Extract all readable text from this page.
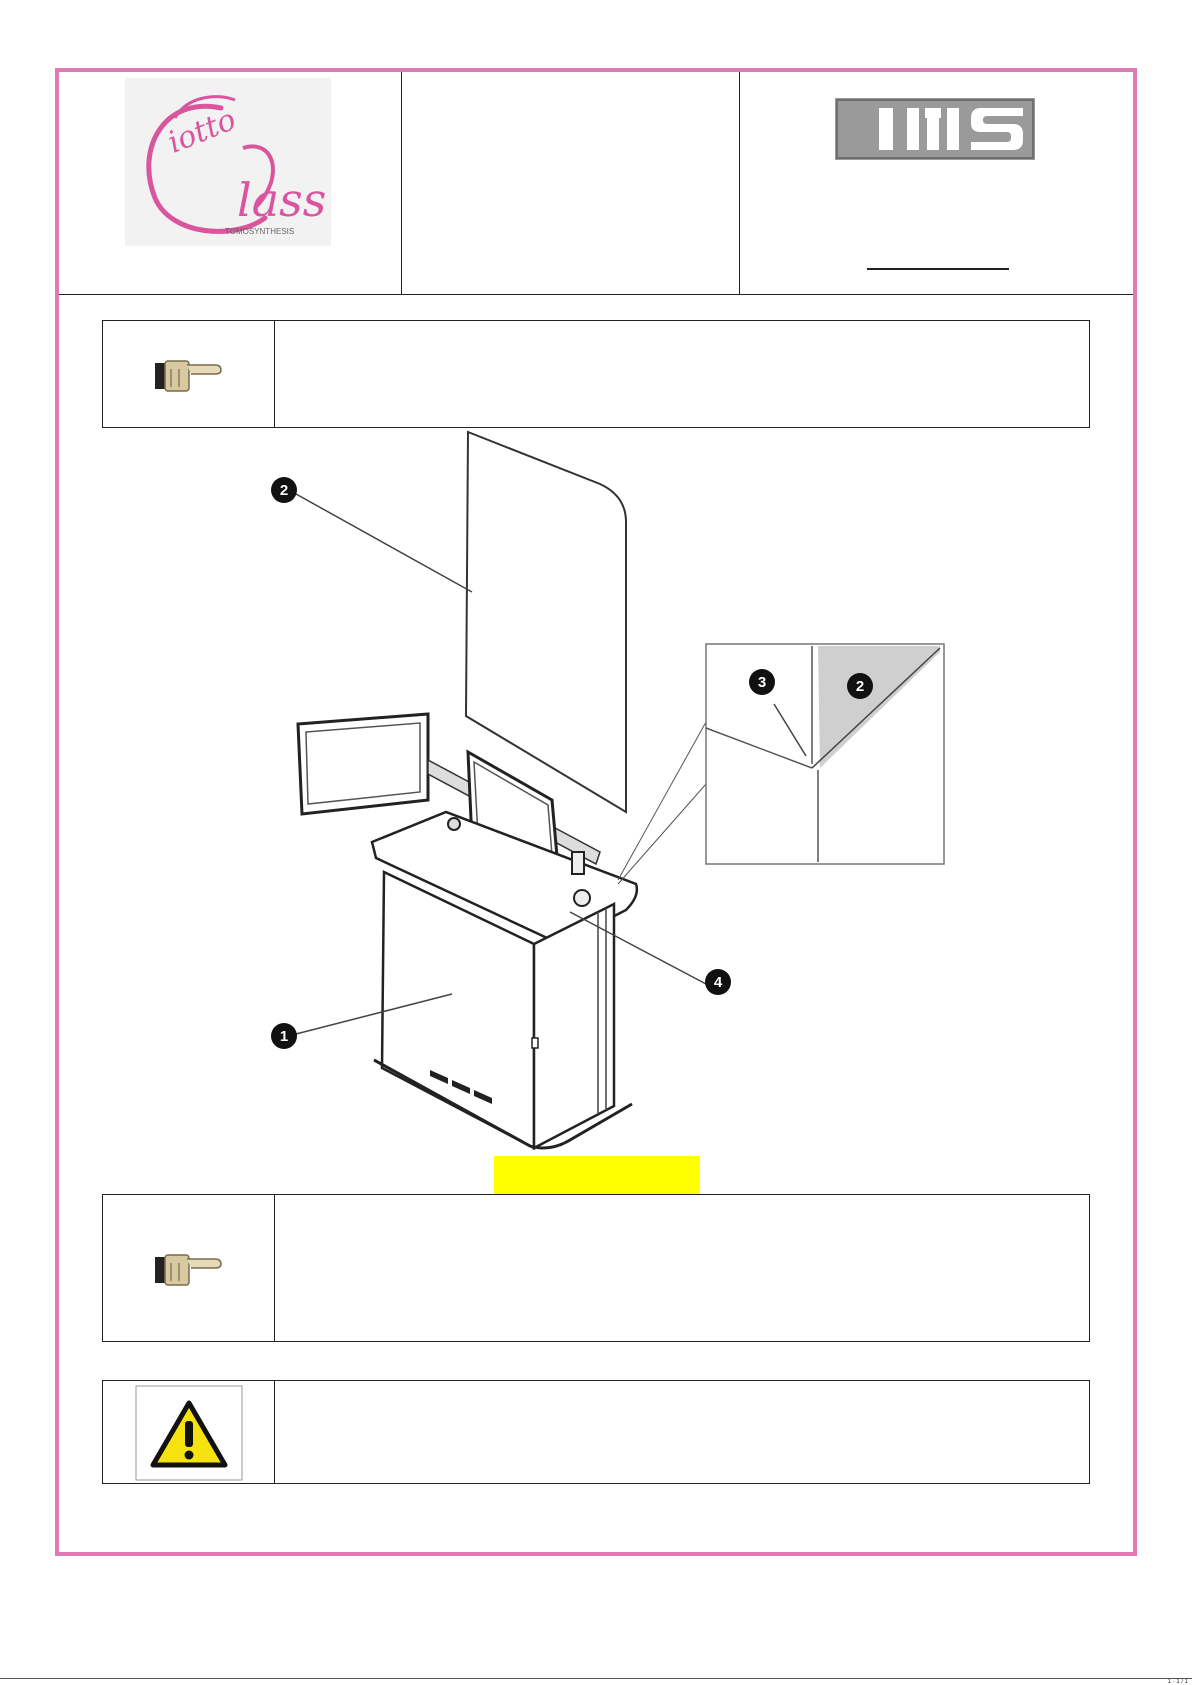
iotto
lass
TOMOSYNTHESIS
1
2
4
3	2
3
1 · 1 / 1
